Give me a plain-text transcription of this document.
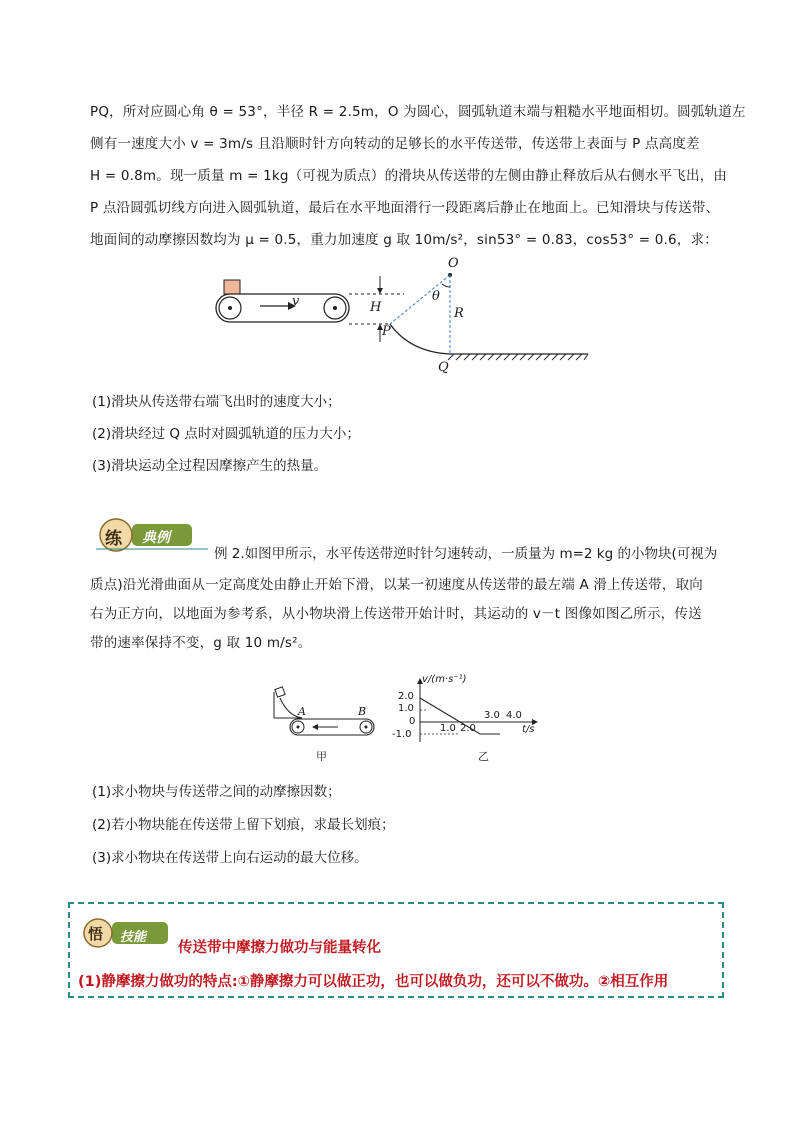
PQ，所对应圆心角 θ = 53°，半径 R = 2.5m，O 为圆心，圆弧轨道末端与粗糙水平地面相切。圆弧轨道左
侧有一速度大小 v = 3m/s 且沿顺时针方向转动的足够长的水平传送带，传送带上表面与 P 点高度差
H = 0.8m。现一质量 m = 1kg（可视为质点）的滑块从传送带的左侧由静止释放后从右侧水平飞出，由
P 点沿圆弧切线方向进入圆弧轨道，最后在水平地面滑行一段距离后静止在地面上。已知滑块与传送带、
地面间的动摩擦因数均为 μ = 0.5，重力加速度 g 取 10m/s²，sin53° = 0.83，cos53° = 0.6，求：
v	H
P
O
θ
R
Q
(1)滑块从传送带右端飞出时的速度大小；
(2)滑块经过 Q 点时对圆弧轨道的压力大小；
(3)滑块运动全过程因摩擦产生的热量。
练 典例
例 2.如图甲所示，水平传送带逆时针匀速转动，一质量为 m=2 kg 的小物块(可视为
质点)沿光滑曲面从一定高度处由静止开始下滑，以某一初速度从传送带的最左端 A 滑上传送带，取向
右为正方向，以地面为参考系，从小物块滑上传送带开始计时，其运动的 v－t 图像如图乙所示，传送
带的速率保持不变，g 取 10 m/s²。
A	B
甲
v/(m·s⁻¹)
2.0
1.0
0
-1.0
1.0 2.0
3.0 4.0
t/s
乙
(1)求小物块与传送带之间的动摩擦因数；
(2)若小物块能在传送带上留下划痕，求最长划痕；
(3)求小物块在传送带上向右运动的最大位移。
悟 技能
传送带中摩擦力做功与能量转化
(1)静摩擦力做功的特点:①静摩擦力可以做正功，也可以做负功，还可以不做功。②相互作用
